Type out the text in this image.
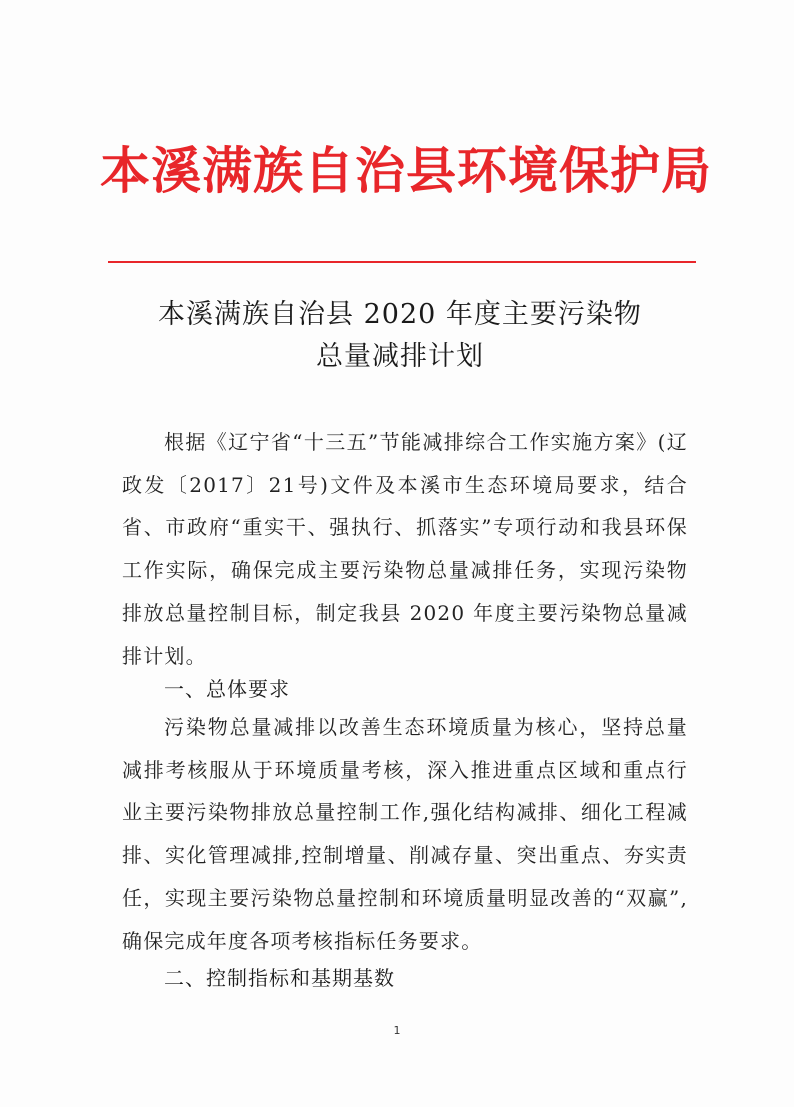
本溪满族自治县环境保护局
本溪满族自治县 2020 年度主要污染物
总量减排计划

根据《辽宁省“十三五”节能减排综合工作实施方案》(辽政发〔2017〕21号)文件及本溪市生态环境局要求，结合省、市政府“重实干、强执行、抓落实”专项行动和我县环保工作实际，确保完成主要污染物总量减排任务，实现污染物排放总量控制目标，制定我县 2020 年度主要污染物总量减排计划。

一、总体要求

污染物总量减排以改善生态环境质量为核心，坚持总量减排考核服从于环境质量考核，深入推进重点区域和重点行业主要污染物排放总量控制工作,强化结构减排、细化工程减排、实化管理减排,控制增量、削减存量、突出重点、夯实责任，实现主要污染物总量控制和环境质量明显改善的“双赢”,确保完成年度各项考核指标任务要求。

二、控制指标和基期基数
1
